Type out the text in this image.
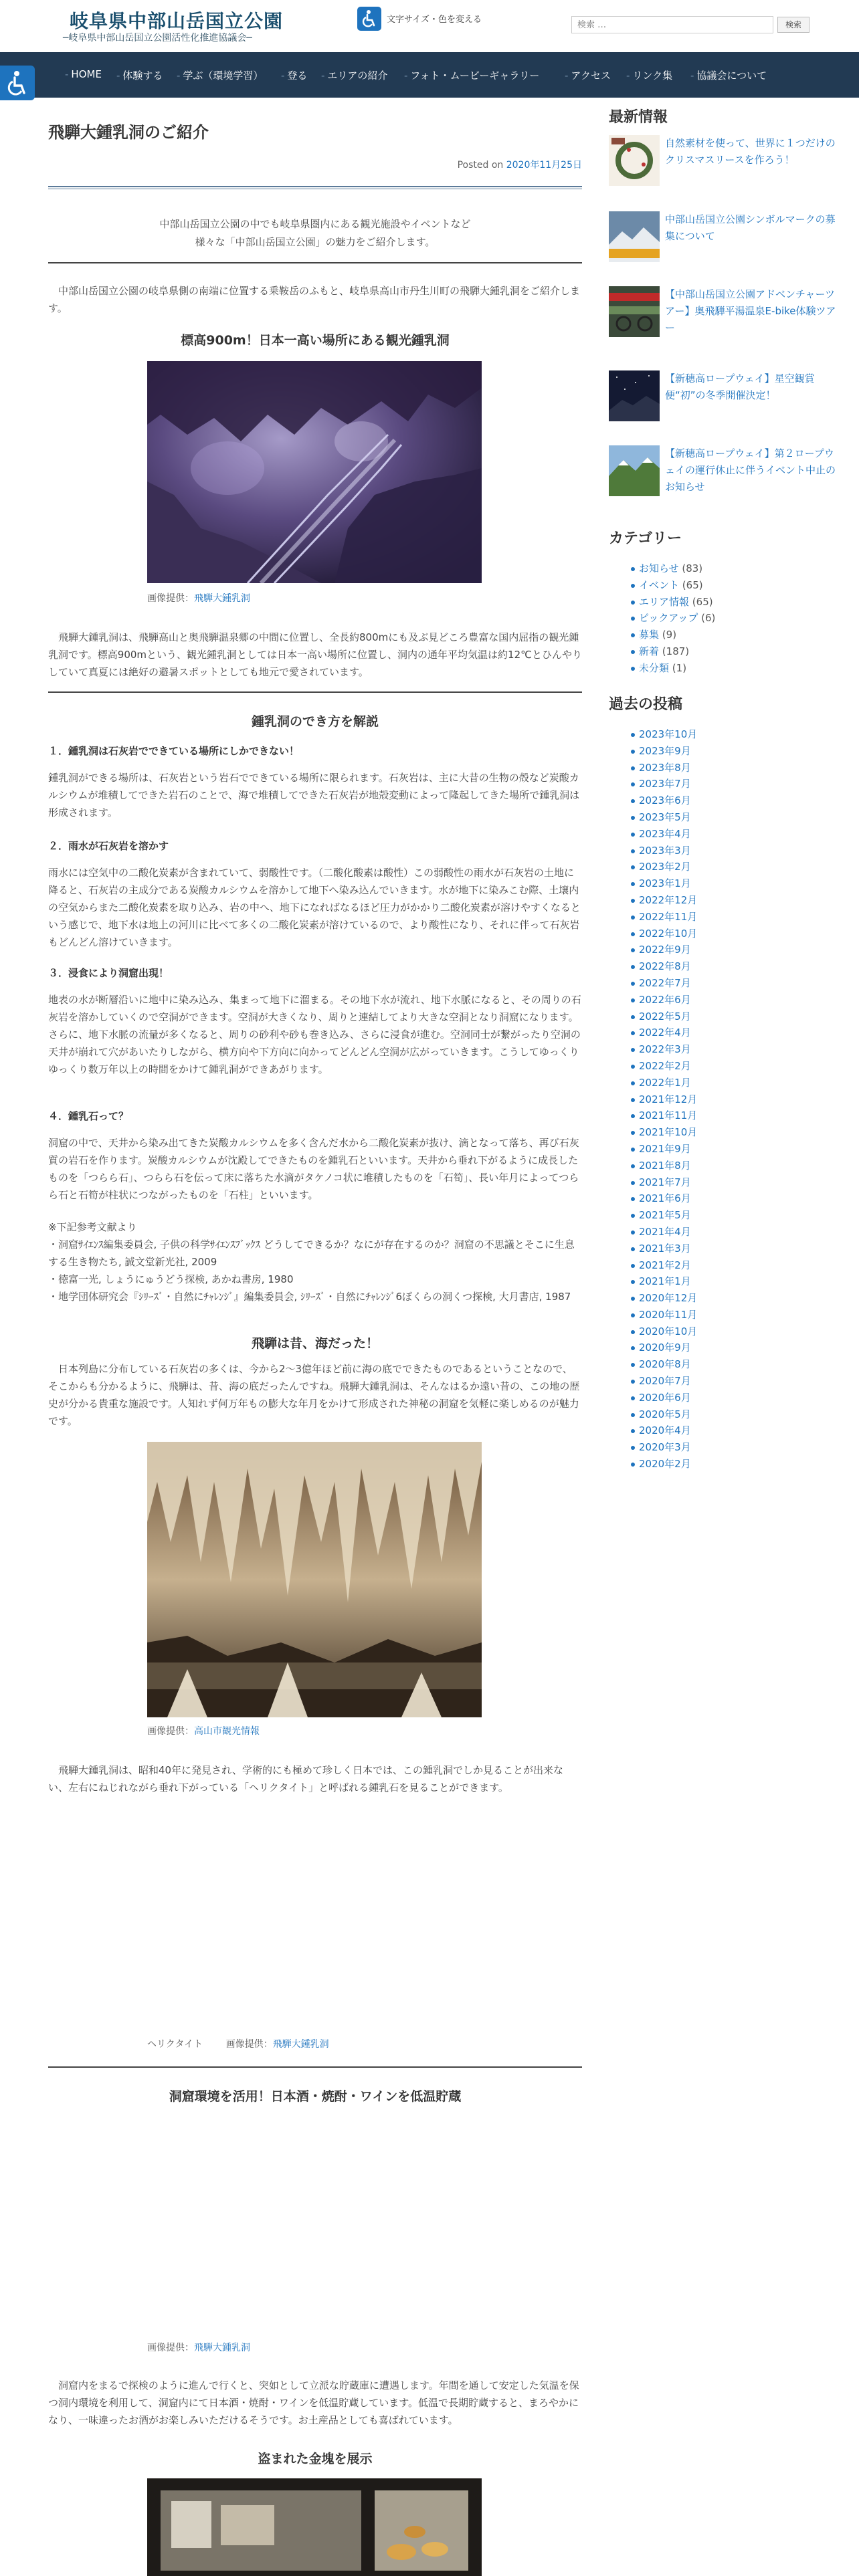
岐阜県中部山岳国立公園
─岐阜県中部山岳国立公園活性化推進協議会─
文字サイズ・色を変える
検索 …	検索
- HOME - 体験する - 学ぶ（環境学習） - 登る - エリアの紹介 - フォト・ムービーギャラリー	- アクセス - リンク集 - 協議会について
飛騨大鍾乳洞のご紹介
Posted on 2020年11月25日
中部山岳国立公園の中でも岐阜県圏内にある観光施設やイベントなど
様々な「中部山岳国立公園」の魅力をご紹介します。
中部山岳国立公園の岐阜県側の南端に位置する乗鞍岳のふもと、岐阜県高山市丹生川町の飛騨大鍾乳洞をご紹介します。
標高900m！日本一高い場所にある観光鍾乳洞
画像提供：飛騨大鍾乳洞
飛騨大鍾乳洞は、飛騨高山と奥飛騨温泉郷の中間に位置し、全長約800mにも及ぶ見どころ豊富な国内屈指の観光鍾乳洞です。標高900mという、観光鍾乳洞としては日本一高い場所に位置し、洞内の通年平均気温は約12℃とひんやりしていて真夏には絶好の避暑スポットとしても地元で愛されています。
鍾乳洞のでき方を解説
１．鍾乳洞は石灰岩でできている場所にしかできない！
鍾乳洞ができる場所は、石灰岩という岩石でできている場所に限られます。石灰岩は、主に大昔の生物の殻など炭酸カルシウムが堆積してできた岩石のことで、海で堆積してできた石灰岩が地殻変動によって隆起してきた場所で鍾乳洞は形成されます。
２．雨水が石灰岩を溶かす
雨水には空気中の二酸化炭素が含まれていて、弱酸性です。（二酸化酸素は酸性）この弱酸性の雨水が石灰岩の土地に降ると、石灰岩の主成分である炭酸カルシウムを溶かして地下へ染み込んでいきます。水が地下に染みこむ際、土壌内の空気からまた二酸化炭素を取り込み、岩の中へ、地下になればなるほど圧力がかかり二酸化炭素が溶けやすくなるという感じで、地下水は地上の河川に比べて多くの二酸化炭素が溶けているので、より酸性になり、それに伴って石灰岩もどんどん溶けていきます。
３．浸食により洞窟出現！
地表の水が断層沿いに地中に染み込み、集まって地下に溜まる。その地下水が流れ、地下水脈になると、その周りの石灰岩を溶かしていくので空洞ができます。空洞が大きくなり、周りと連結してより大きな空洞となり洞窟になります。さらに、地下水脈の流量が多くなると、周りの砂利や砂も巻き込み、さらに浸食が進む。空洞同士が繋がったり空洞の天井が崩れて穴があいたりしながら、横方向や下方向に向かってどんどん空洞が広がっていきます。こうしてゆっくりゆっくり数万年以上の時間をかけて鍾乳洞ができあがります。
４．鍾乳石って？
洞窟の中で、天井から染み出てきた炭酸カルシウムを多く含んだ水から二酸化炭素が抜け、滴となって落ち、再び石灰質の岩石を作ります。炭酸カルシウムが沈殿してできたものを鍾乳石といいます。天井から垂れ下がるように成長したものを「つらら石」、つらら石を伝って床に落ちた水滴がタケノコ状に堆積したものを「石筍」、長い年月によってつらら石と石筍が柱状につながったものを「石柱」といいます。
※下記参考文献より
・洞窟ｻｲｴﾝｽ編集委員会, 子供の科学ｻｲｴﾝｽﾌﾞｯｸｽ どうしてできるか？なにが存在するのか？洞窟の不思議とそこに生息する生き物たち, 誠文堂新光社, 2009
・徳富一光, しょうにゅうどう探検, あかね書房, 1980
・地学団体研究会『ｼﾘｰｽﾞ・自然にﾁｬﾚﾝｼﾞ』編集委員会, ｼﾘｰｽﾞ・自然にﾁｬﾚﾝｼﾞ6ぼくらの洞くつ探検, 大月書店, 1987
飛騨は昔、海だった！
日本列島に分布している石灰岩の多くは、今から2〜3億年ほど前に海の底でできたものであるということなので、そこからも分かるように、飛騨は、昔、海の底だったんですね。飛騨大鍾乳洞は、そんなはるか遠い昔の、この地の歴史が分かる貴重な施設です。人知れず何万年もの膨大な年月をかけて形成された神秘の洞窟を気軽に楽しめるのが魅力です。
画像提供：高山市観光情報
飛騨大鍾乳洞は、昭和40年に発見され、学術的にも極めて珍しく日本では、この鍾乳洞でしか見ることが出来ない、左右にねじれながら垂れ下がっている「ヘリクタイト」と呼ばれる鍾乳石を見ることができます。
ヘリクタイト 画像提供：飛騨大鍾乳洞
洞窟環境を活用！日本酒・焼酎・ワインを低温貯蔵
画像提供：飛騨大鍾乳洞
洞窟内をまるで探検のように進んで行くと、突如として立派な貯蔵庫に遭遇します。年間を通して安定した気温を保つ洞内環境を利用して、洞窟内にて日本酒・焼酎・ワインを低温貯蔵しています。低温で長期貯蔵すると、まろやかになり、一味違ったお酒がお楽しみいただけるそうです。お土産品としても喜ばれています。
盗まれた金塊を展示
最新情報
自然素材を使って、世界に１つだけのクリスマスリースを作ろう！
中部山岳国立公園シンボルマークの募集について
【中部山岳国立公園アドベンチャーツアー】奥飛騨平湯温泉E-bike体験ツアー
【新穂高ロープウェイ】星空観賞便“初”の冬季開催決定！
【新穂高ロープウェイ】第２ロープウェイの運行休止に伴うイベント中止のお知らせ
カテゴリー
お知らせ (83)
イベント (65)
エリア情報 (65)
ピックアップ (6)
募集 (9)
新着 (187)
未分類 (1)
過去の投稿
2023年10月
2023年9月
2023年8月
2023年7月
2023年6月
2023年5月
2023年4月
2023年3月
2023年2月
2023年1月
2022年12月
2022年11月
2022年10月
2022年9月
2022年8月
2022年7月
2022年6月
2022年5月
2022年4月
2022年3月
2022年2月
2022年1月
2021年12月
2021年11月
2021年10月
2021年9月
2021年8月
2021年7月
2021年6月
2021年5月
2021年4月
2021年3月
2021年2月
2021年1月
2020年12月
2020年11月
2020年10月
2020年9月
2020年8月
2020年7月
2020年6月
2020年5月
2020年4月
2020年3月
2020年2月
